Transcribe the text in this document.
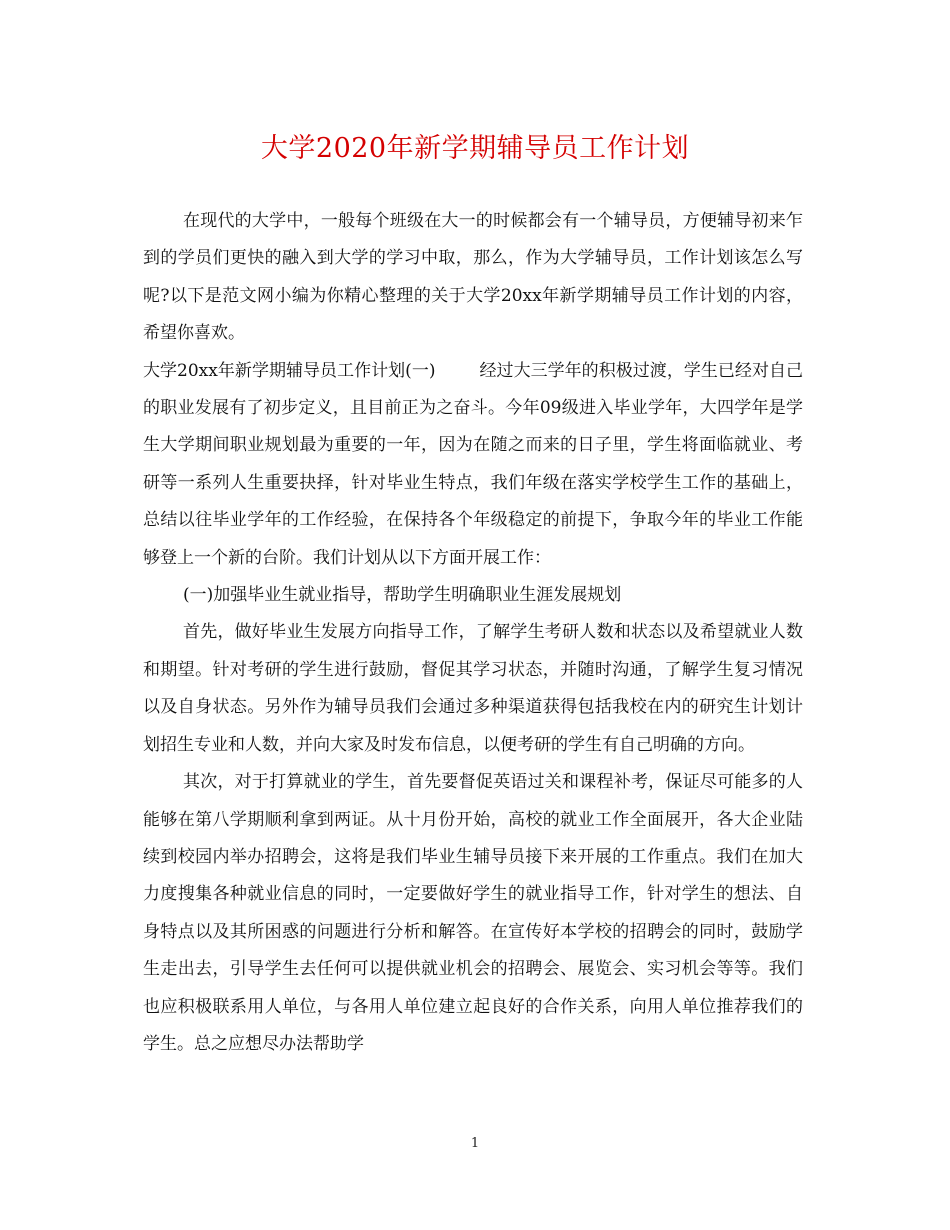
大学2020年新学期辅导员工作计划

在现代的大学中，一般每个班级在大一的时候都会有一个辅导员，方便辅导初来乍到的学员们更快的融入到大学的学习中取，那么，作为大学辅导员，工作计划该怎么写呢?以下是范文网小编为你精心整理的关于大学20xx年新学期辅导员工作计划的内容，希望你喜欢。

大学20xx年新学期辅导员工作计划(一)	经过大三学年的积极过渡，学生已经对自己的职业发展有了初步定义，且目前正为之奋斗。今年09级进入毕业学年，大四学年是学生大学期间职业规划最为重要的一年，因为在随之而来的日子里，学生将面临就业、考研等一系列人生重要抉择，针对毕业生特点，我们年级在落实学校学生工作的基础上，总结以往毕业学年的工作经验，在保持各个年级稳定的前提下，争取今年的毕业工作能够登上一个新的台阶。我们计划从以下方面开展工作：

(一)加强毕业生就业指导，帮助学生明确职业生涯发展规划

首先，做好毕业生发展方向指导工作，了解学生考研人数和状态以及希望就业人数和期望。针对考研的学生进行鼓励，督促其学习状态，并随时沟通，了解学生复习情况以及自身状态。另外作为辅导员我们会通过多种渠道获得包括我校在内的研究生计划计划招生专业和人数，并向大家及时发布信息，以便考研的学生有自己明确的方向。

其次，对于打算就业的学生，首先要督促英语过关和课程补考，保证尽可能多的人能够在第八学期顺利拿到两证。从十月份开始，高校的就业工作全面展开，各大企业陆续到校园内举办招聘会，这将是我们毕业生辅导员接下来开展的工作重点。我们在加大力度搜集各种就业信息的同时，一定要做好学生的就业指导工作，针对学生的想法、自身特点以及其所困惑的问题进行分析和解答。在宣传好本学校的招聘会的同时，鼓励学生走出去，引导学生去任何可以提供就业机会的招聘会、展览会、实习机会等等。我们也应积极联系用人单位，与各用人单位建立起良好的合作关系，向用人单位推荐我们的学生。总之应想尽办法帮助学

1
